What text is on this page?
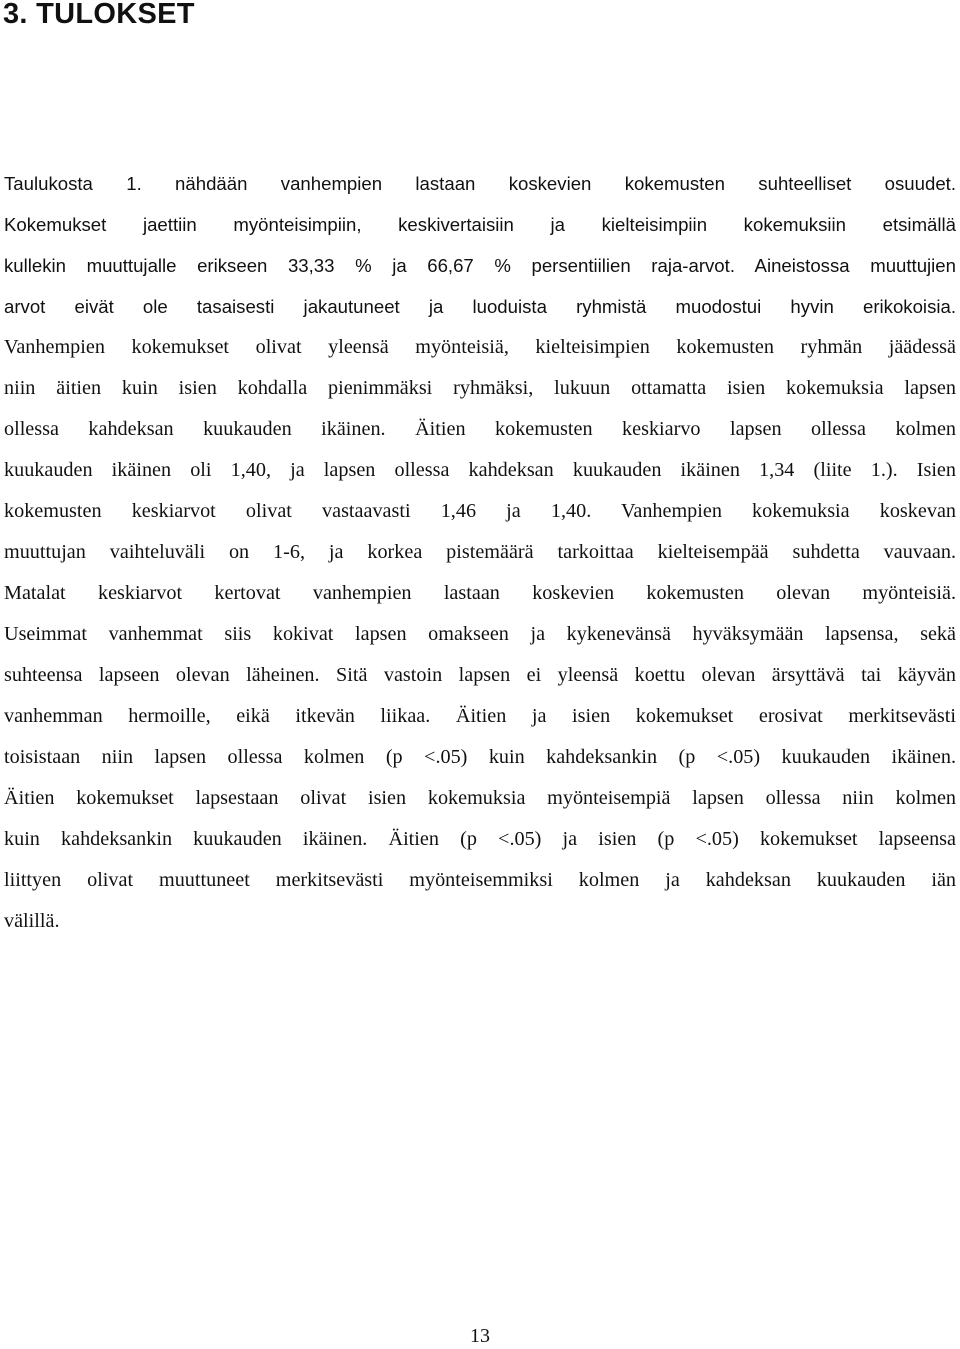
3. TULOKSET
Taulukosta 1. nähdään vanhempien lastaan koskevien kokemusten suhteelliset osuudet.
Kokemukset jaettiin myönteisimpiin, keskivertaisiin ja kielteisimpiin kokemuksiin etsimällä
kullekin muuttujalle erikseen 33,33 % ja 66,67 % persentiilien raja-arvot. Aineistossa muuttujien
arvot eivät ole tasaisesti jakautuneet ja luoduista ryhmistä muodostui hyvin erikokoisia.
Vanhempien kokemukset olivat yleensä myönteisiä, kielteisimpien kokemusten ryhmän jäädessä
niin äitien kuin isien kohdalla pienimmäksi ryhmäksi, lukuun ottamatta isien kokemuksia lapsen
ollessa kahdeksan kuukauden ikäinen. Äitien kokemusten keskiarvo lapsen ollessa kolmen
kuukauden ikäinen oli 1,40, ja lapsen ollessa kahdeksan kuukauden ikäinen 1,34 (liite 1.). Isien
kokemusten keskiarvot olivat vastaavasti 1,46 ja 1,40. Vanhempien kokemuksia koskevan
muuttujan vaihteluväli on 1-6, ja korkea pistemäärä tarkoittaa kielteisempää suhdetta vauvaan.
Matalat keskiarvot kertovat vanhempien lastaan koskevien kokemusten olevan myönteisiä.
Useimmat vanhemmat siis kokivat lapsen omakseen ja kykenevänsä hyväksymään lapsensa, sekä
suhteensa lapseen olevan läheinen. Sitä vastoin lapsen ei yleensä koettu olevan ärsyttävä tai käyvän
vanhemman hermoille, eikä itkevän liikaa. Äitien ja isien kokemukset erosivat merkitsevästi
toisistaan niin lapsen ollessa kolmen (p <.05) kuin kahdeksankin (p <.05) kuukauden ikäinen.
Äitien kokemukset lapsestaan olivat isien kokemuksia myönteisempiä lapsen ollessa niin kolmen
kuin kahdeksankin kuukauden ikäinen. Äitien (p <.05) ja isien (p <.05) kokemukset lapseensa
liittyen olivat muuttuneet merkitsevästi myönteisemmiksi kolmen ja kahdeksan kuukauden iän
välillä.
13
